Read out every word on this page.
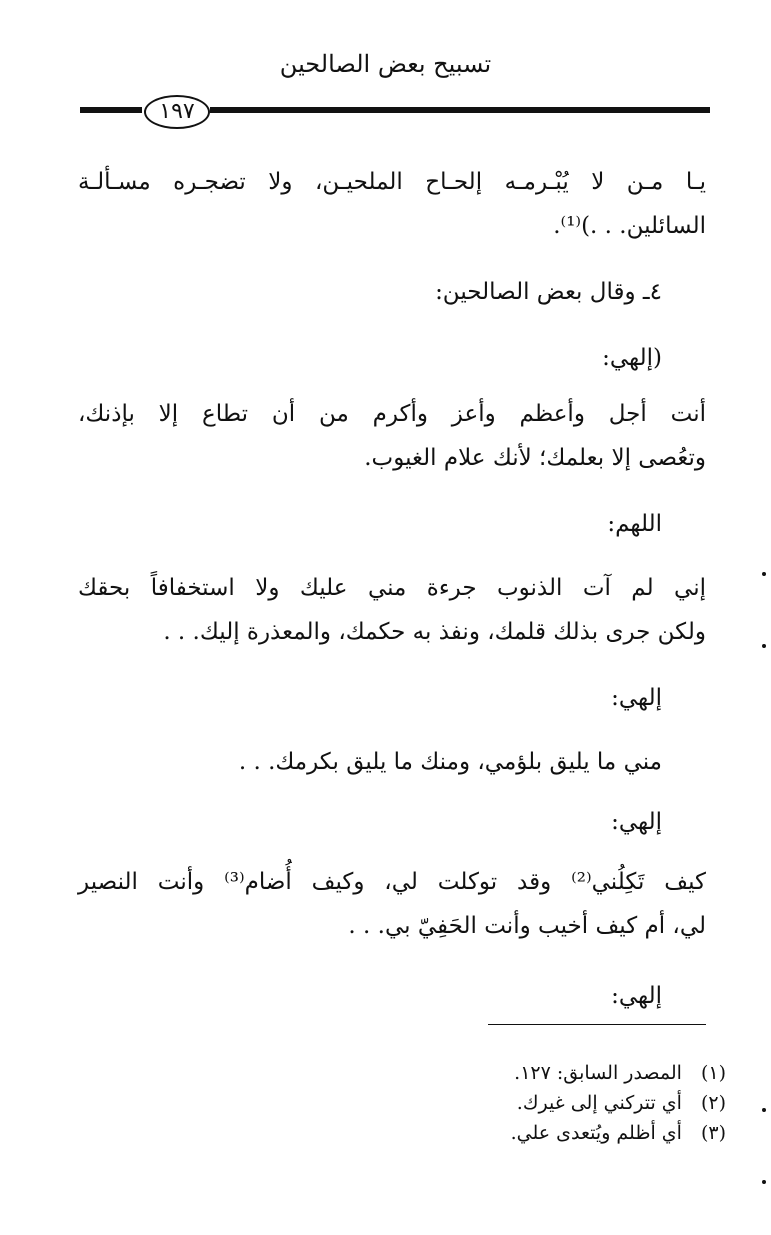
تسبيح بعض الصالحين
١٩٧
يـا مـن لا يُبْـرمـه إلحـاح الملحيـن، ولا تضجـره مسـألـة
السائلين. . .)⁽¹⁾.
٤ـ وقال بعض الصالحين:
(إلهي:
أنت أجل وأعظم وأعز وأكرم من أن تطاع إلا بإذنك،
وتعُصى إلا بعلمك؛ لأنك علام الغيوب.
اللهم:
إني لم آت الذنوب جرءة مني عليك ولا استخفافاً بحقك
ولكن جرى بذلك قلمك، ونفذ به حكمك، والمعذرة إليك. . .
إلهي:
مني ما يليق بلؤمي، ومنك ما يليق بكرمك. . .
إلهي:
كيف تَكِلُني⁽²⁾ وقد توكلت لي، وكيف أُضام⁽³⁾ وأنت النصير
لي، أم كيف أخيب وأنت الحَفِيّ بي. . .
إلهي:
(١) المصدر السابق: ١٢٧.
(٢) أي تتركني إلى غيرك.
(٣) أي أظلم ويُتعدى علي.
